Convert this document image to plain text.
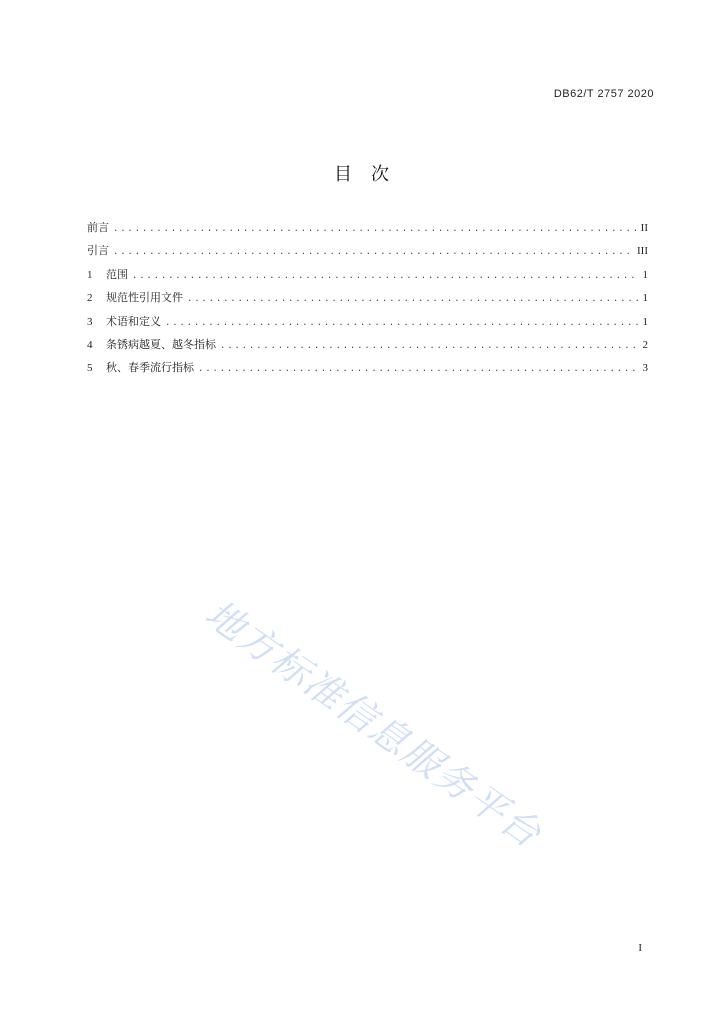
DB62/T 2757 2020
目 次
前言 .....	II
引言 .....	III
1	范围 .....	1
2	规范性引用文件 .....	1
3	术语和定义 .....	1
4	条锈病越夏、越冬指标 .....	2
5	秋、春季流行指标 .....	3
地方标准信息服务平台
I
